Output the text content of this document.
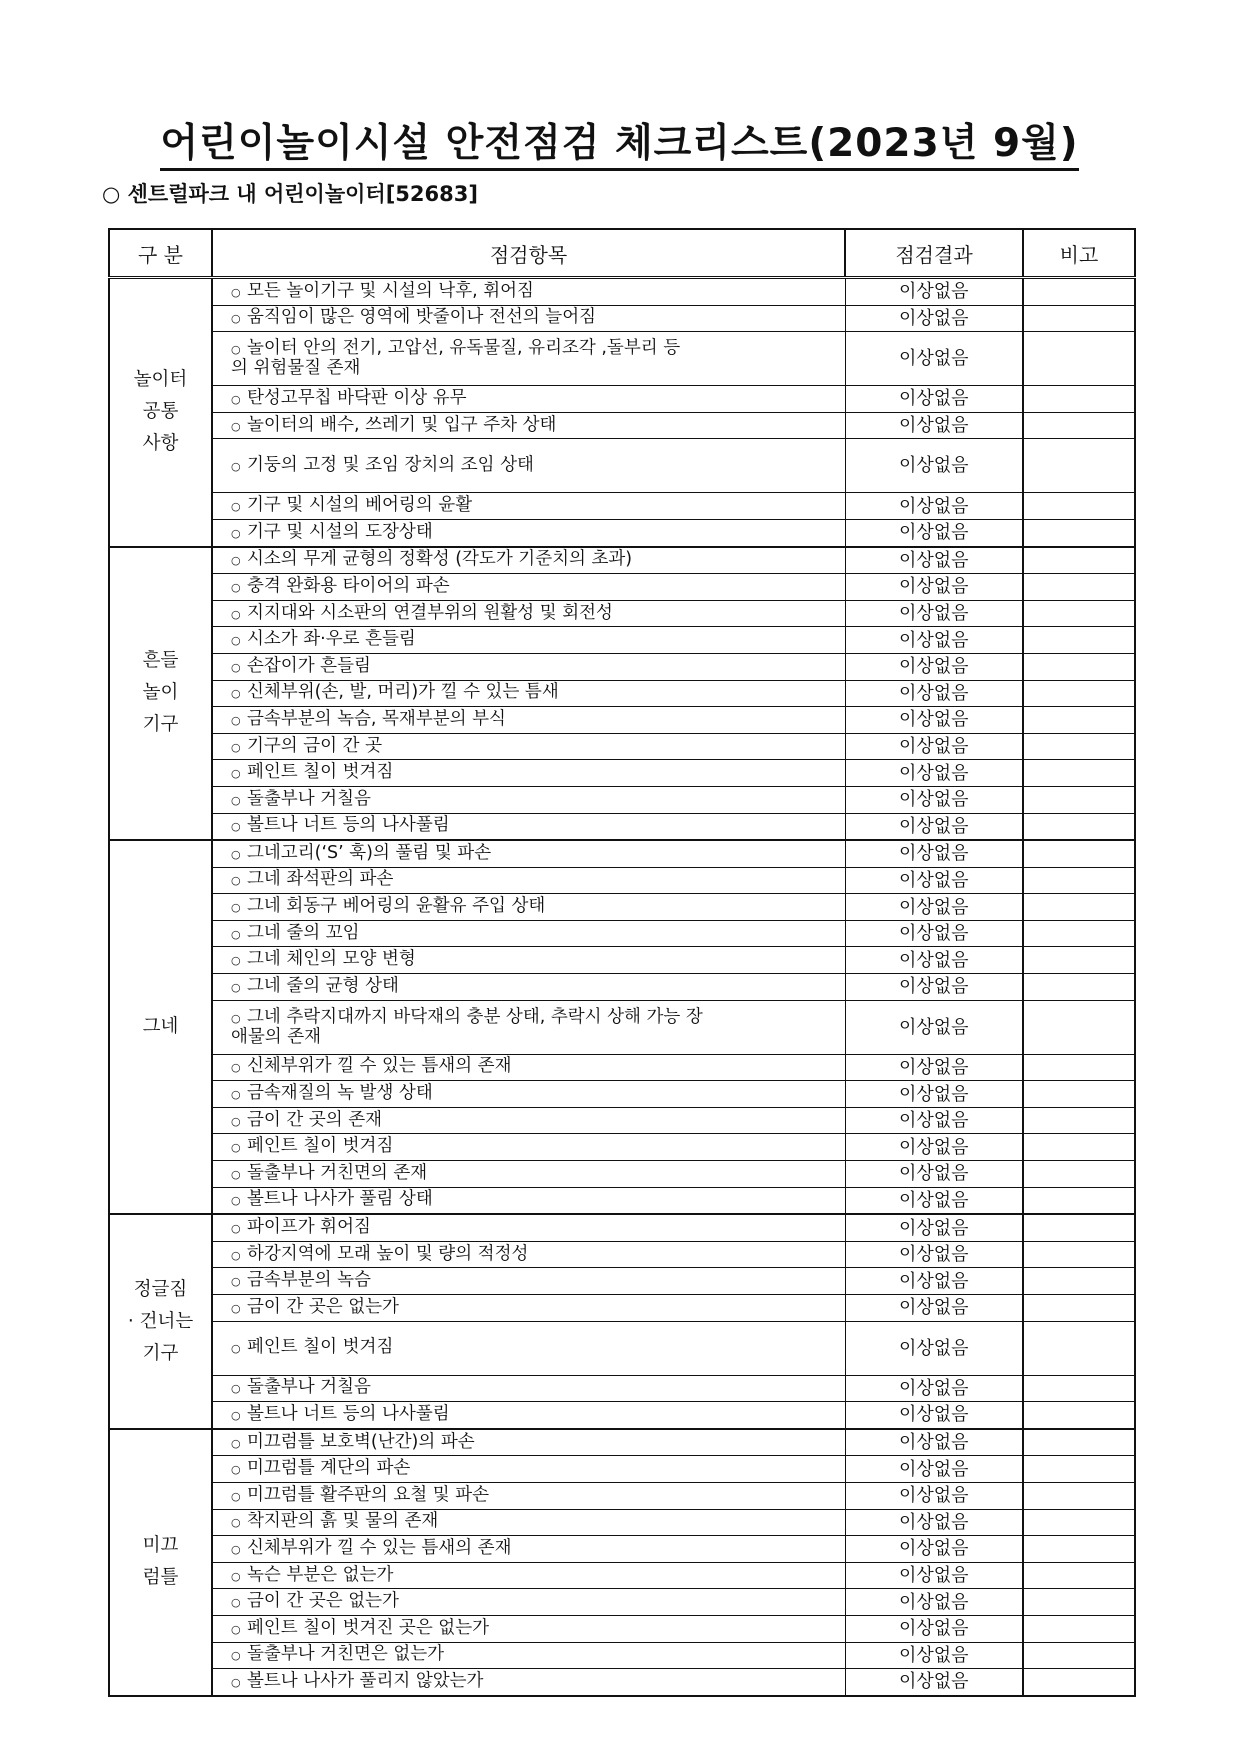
어린이놀이시설 안전점검 체크리스트(2023년 9월)
○ 센트럴파크 내 어린이놀이터[52683]
구 분	점검항목	점검결과	비고
놀이터
공통
사항	○ 모든 놀이기구 및 시설의 낙후, 휘어짐	이상없음	
	○ 움직임이 많은 영역에 밧줄이나 전선의 늘어짐	이상없음	
	○ 놀이터 안의 전기, 고압선, 유독물질, 유리조각 ,돌부리 등
의 위험물질 존재	이상없음	
	○ 탄성고무칩 바닥판 이상 유무	이상없음	
	○ 놀이터의 배수, 쓰레기 및 입구 주차 상태	이상없음	
	○ 기둥의 고정 및 조임 장치의 조임 상태	이상없음	
	○ 기구 및 시설의 베어링의 윤활	이상없음	
	○ 기구 및 시설의 도장상태	이상없음	
흔들
놀이
기구	○ 시소의 무게 균형의 정확성 (각도가 기준치의 초과)	이상없음	
	○ 충격 완화용 타이어의 파손	이상없음	
	○ 지지대와 시소판의 연결부위의 원활성 및 회전성	이상없음	
	○ 시소가 좌·우로 흔들림	이상없음	
	○ 손잡이가 흔들림	이상없음	
	○ 신체부위(손, 발, 머리)가 낄 수 있는 틈새	이상없음	
	○ 금속부분의 녹슴, 목재부분의 부식	이상없음	
	○ 기구의 금이 간 곳	이상없음	
	○ 페인트 칠이 벗겨짐	이상없음	
	○ 돌출부나 거칠음	이상없음	
	○ 볼트나 너트 등의 나사풀림	이상없음	
그네	○ 그네고리(‘S’ 훅)의 풀림 및 파손	이상없음	
	○ 그네 좌석판의 파손	이상없음	
	○ 그네 회동구 베어링의 윤활유 주입 상태	이상없음	
	○ 그네 줄의 꼬임	이상없음	
	○ 그네 체인의 모양 변형	이상없음	
	○ 그네 줄의 균형 상태	이상없음	
	○ 그네 추락지대까지 바닥재의 충분 상태, 추락시 상해 가능 장
애물의 존재	이상없음	
	○ 신체부위가 낄 수 있는 틈새의 존재	이상없음	
	○ 금속재질의 녹 발생 상태	이상없음	
	○ 금이 간 곳의 존재	이상없음	
	○ 페인트 칠이 벗겨짐	이상없음	
	○ 돌출부나 거친면의 존재	이상없음	
	○ 볼트나 나사가 풀림 상태	이상없음	
정글짐
· 건너는
기구	○ 파이프가 휘어짐	이상없음	
	○ 하강지역에 모래 높이 및 량의 적정성	이상없음	
	○ 금속부분의 녹슴	이상없음	
	○ 금이 간 곳은 없는가	이상없음	
	○ 페인트 칠이 벗겨짐	이상없음	
	○ 돌출부나 거칠음	이상없음	
	○ 볼트나 너트 등의 나사풀림	이상없음	
미끄
럼틀	○ 미끄럼틀 보호벽(난간)의 파손	이상없음	
	○ 미끄럼틀 계단의 파손	이상없음	
	○ 미끄럼틀 활주판의 요철 및 파손	이상없음	
	○ 착지판의 흙 및 물의 존재	이상없음	
	○ 신체부위가 낄 수 있는 틈새의 존재	이상없음	
	○ 녹슨 부분은 없는가	이상없음	
	○ 금이 간 곳은 없는가	이상없음	
	○ 페인트 칠이 벗겨진 곳은 없는가	이상없음	
	○ 돌출부나 거친면은 없는가	이상없음	
	○ 볼트나 나사가 풀리지 않았는가	이상없음	
